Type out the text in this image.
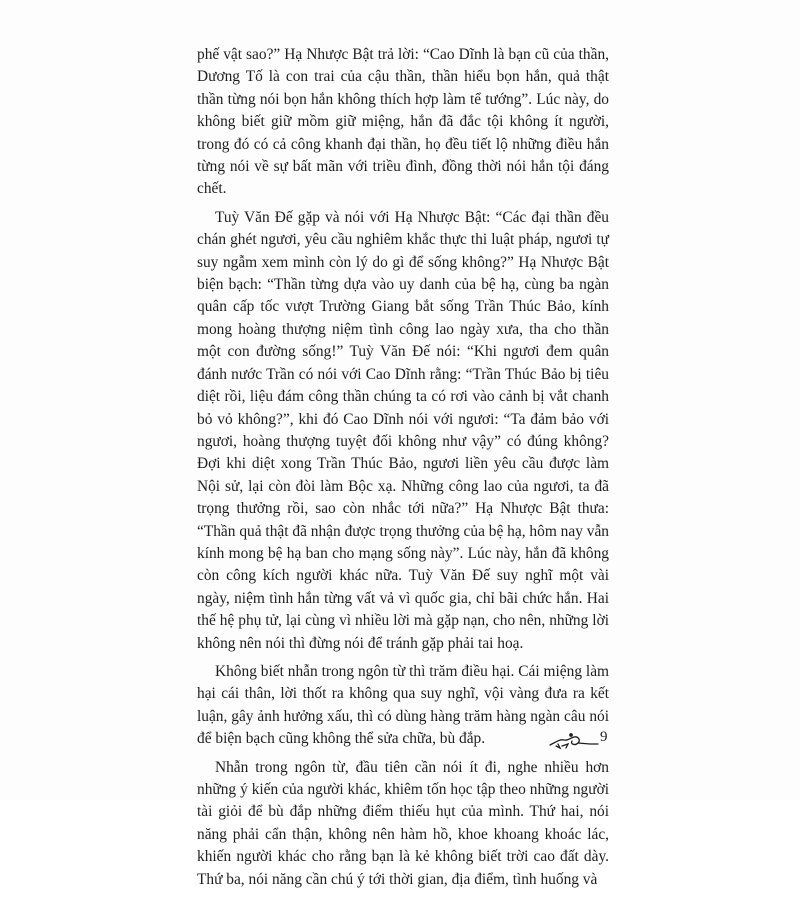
phế vật sao?” Hạ Nhược Bật trả lời: “Cao Dĩnh là bạn cũ của thần, Dương Tố là con trai của cậu thần, thần hiểu bọn hắn, quả thật thần từng nói bọn hắn không thích hợp làm tể tướng”. Lúc này, do không biết giữ mồm giữ miệng, hắn đã đắc tội không ít người, trong đó có cả công khanh đại thần, họ đều tiết lộ những điều hắn từng nói về sự bất mãn với triều đình, đồng thời nói hắn tội đáng chết.

Tuỳ Văn Đế gặp và nói với Hạ Nhược Bật: “Các đại thần đều chán ghét ngươi, yêu cầu nghiêm khắc thực thi luật pháp, ngươi tự suy ngẫm xem mình còn lý do gì để sống không?” Hạ Nhược Bật biện bạch: “Thần từng dựa vào uy danh của bệ hạ, cùng ba ngàn quân cấp tốc vượt Trường Giang bắt sống Trần Thúc Bảo, kính mong hoàng thượng niệm tình công lao ngày xưa, tha cho thần một con đường sống!” Tuỳ Văn Đế nói: “Khi ngươi đem quân đánh nước Trần có nói với Cao Dĩnh rằng: “Trần Thúc Bảo bị tiêu diệt rồi, liệu đám công thần chúng ta có rơi vào cảnh bị vắt chanh bỏ vỏ không?”, khi đó Cao Dĩnh nói với ngươi: “Ta đảm bảo với ngươi, hoàng thượng tuyệt đối không như vậy” có đúng không? Đợi khi diệt xong Trần Thúc Bảo, ngươi liền yêu cầu được làm Nội sử, lại còn đòi làm Bộc xạ. Những công lao của ngươi, ta đã trọng thưởng rồi, sao còn nhắc tới nữa?” Hạ Nhược Bật thưa: “Thần quả thật đã nhận được trọng thưởng của bệ hạ, hôm nay vẫn kính mong bệ hạ ban cho mạng sống này”. Lúc này, hắn đã không còn công kích người khác nữa. Tuỳ Văn Đế suy nghĩ một vài ngày, niệm tình hắn từng vất vả vì quốc gia, chỉ bãi chức hắn. Hai thế hệ phụ tử, lại cùng vì nhiều lời mà gặp nạn, cho nên, những lời không nên nói thì đừng nói để tránh gặp phải tai hoạ.

Không biết nhẫn trong ngôn từ thì trăm điều hại. Cái miệng làm hại cái thân, lời thốt ra không qua suy nghĩ, vội vàng đưa ra kết luận, gây ảnh hưởng xấu, thì có dùng hàng trăm hàng ngàn câu nói để biện bạch cũng không thể sửa chữa, bù đắp.

Nhẫn trong ngôn từ, đầu tiên cần nói ít đi, nghe nhiều hơn những ý kiến của người khác, khiêm tốn học tập theo những người tài giỏi để bù đắp những điểm thiếu hụt của mình. Thứ hai, nói năng phải cẩn thận, không nên hàm hồ, khoe khoang khoác lác, khiến người khác cho rằng bạn là kẻ không biết trời cao đất dày. Thứ ba, nói năng cần chú ý tới thời gian, địa điểm, tình huống và

9
